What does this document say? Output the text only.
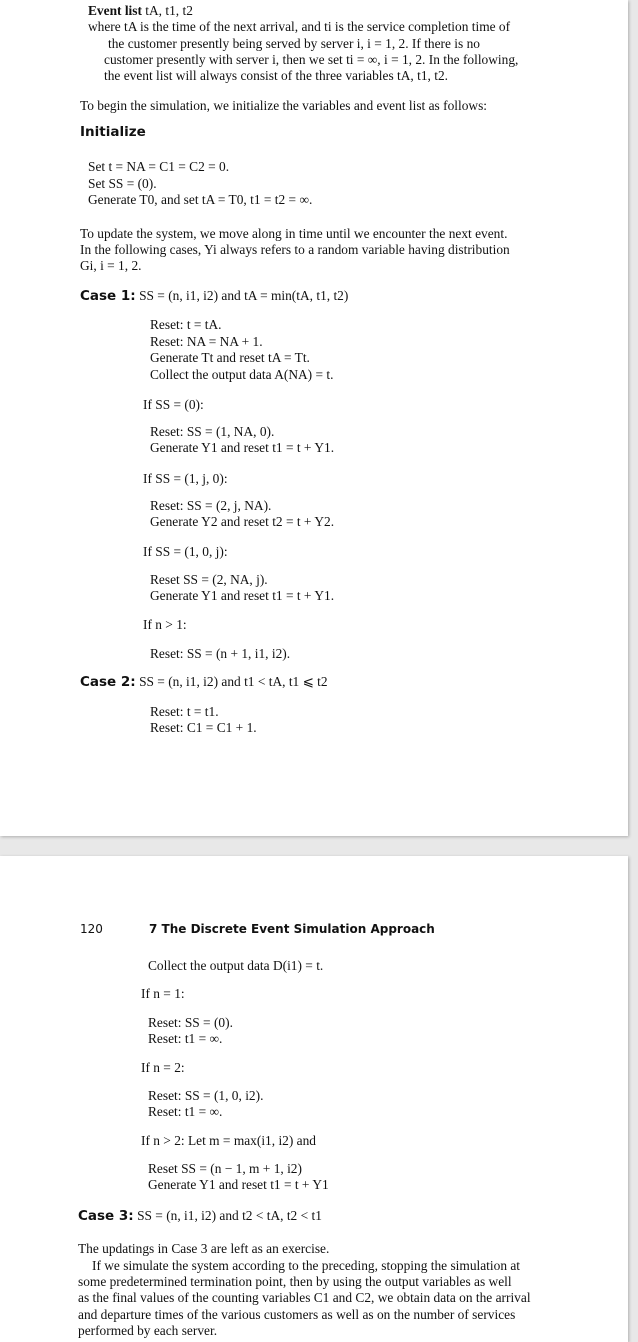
Event list tA, t1, t2
where tA is the time of the next arrival, and ti is the service completion time of
the customer presently being served by server i, i = 1, 2. If there is no
customer presently with server i, then we set ti = ∞, i = 1, 2. In the following,
the event list will always consist of the three variables tA, t1, t2.
To begin the simulation, we initialize the variables and event list as follows:
Initialize
Set t = NA = C1 = C2 = 0.
Set SS = (0).
Generate T0, and set tA = T0, t1 = t2 = ∞.
To update the system, we move along in time until we encounter the next event.
In the following cases, Yi always refers to a random variable having distribution
Gi, i = 1, 2.
Case 1: SS = (n, i1, i2) and tA = min(tA, t1, t2)
Reset: t = tA.
Reset: NA = NA + 1.
Generate Tt and reset tA = Tt.
Collect the output data A(NA) = t.
If SS = (0):
Reset: SS = (1, NA, 0).
Generate Y1 and reset t1 = t + Y1.
If SS = (1, j, 0):
Reset: SS = (2, j, NA).
Generate Y2 and reset t2 = t + Y2.
If SS = (1, 0, j):
Reset SS = (2, NA, j).
Generate Y1 and reset t1 = t + Y1.
If n > 1:
Reset: SS = (n + 1, i1, i2).
Case 2: SS = (n, i1, i2) and t1 < tA, t1 ⩽ t2
Reset: t = t1.
Reset: C1 = C1 + 1.
120	7 The Discrete Event Simulation Approach
Collect the output data D(i1) = t.
If n = 1:
Reset: SS = (0).
Reset: t1 = ∞.
If n = 2:
Reset: SS = (1, 0, i2).
Reset: t1 = ∞.
If n > 2: Let m = max(i1, i2) and
Reset SS = (n − 1, m + 1, i2)
Generate Y1 and reset t1 = t + Y1
Case 3: SS = (n, i1, i2) and t2 < tA, t2 < t1
The updatings in Case 3 are left as an exercise.
If we simulate the system according to the preceding, stopping the simulation at
some predetermined termination point, then by using the output variables as well
as the final values of the counting variables C1 and C2, we obtain data on the arrival
and departure times of the various customers as well as on the number of services
performed by each server.
